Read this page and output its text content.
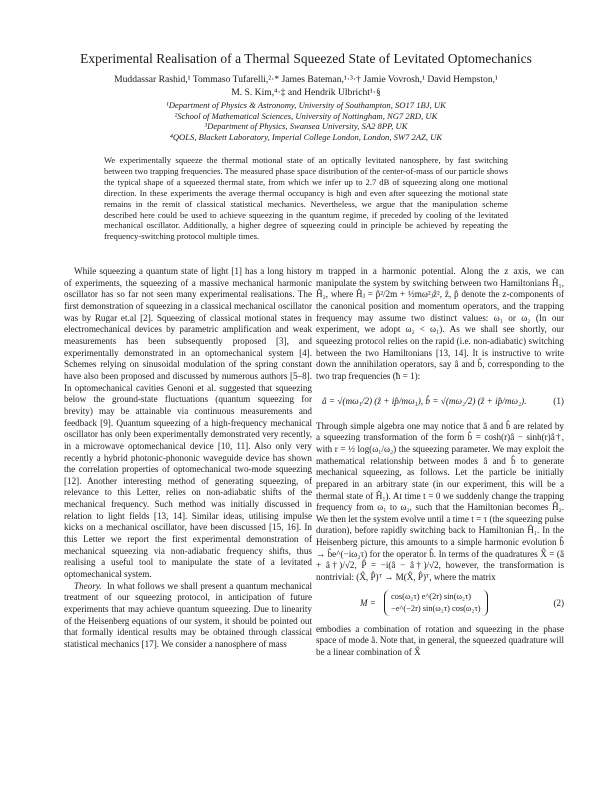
Experimental Realisation of a Thermal Squeezed State of Levitated Optomechanics
Muddassar Rashid,¹ Tommaso Tufarelli,²·* James Bateman,¹·³·† Jamie Vovrosh,¹ David Hempston,¹ M. S. Kim,⁴·‡ and Hendrik Ulbricht¹·§
¹Department of Physics & Astronomy, University of Southampton, SO17 1BJ, UK
²School of Mathematical Sciences, University of Nottingham, NG7 2RD, UK
³Department of Physics, Swansea University, SA2 8PP, UK
⁴QOLS, Blackett Laboratory, Imperial College London, London, SW7 2AZ, UK
We experimentally squeeze the thermal motional state of an optically levitated nanosphere, by fast switching between two trapping frequencies. The measured phase space distribution of the center-of-mass of our particle shows the typical shape of a squeezed thermal state, from which we infer up to 2.7 dB of squeezing along one motional direction. In these experiments the average thermal occupancy is high and even after squeezing the motional state remains in the remit of classical statistical mechanics. Nevertheless, we argue that the manipulation scheme described here could be used to achieve squeezing in the quantum regime, if preceded by cooling of the levitated mechanical oscillator. Additionally, a higher degree of squeezing could in principle be achieved by repeating the frequency-switching protocol multiple times.

While squeezing a quantum state of light [1] has a long history of experiments, the squeezing of a massive mechanical harmonic oscillator has so far not seen many experimental realisations. The first demonstration of squeezing in a classical mechanical oscillator was by Rugar et.al [2]. Squeezing of classical motional states in electromechanical devices by parametric amplification and weak measurements has been subsequently proposed [3], and experimentally demonstrated in an optomechanical system [4]. Schemes relying on sinusoidal modulation of the spring constant have also been proposed and discussed by numerous authors [5–8]. In optomechanical cavities Genoni et al. suggested that squeezing below the ground-state fluctuations (quantum squeezing for brevity) may be attainable via continuous measurements and feedback [9]. Quantum squeezing of a high-frequency mechanical oscillator has only been experimentally demonstrated very recently, in a microwave optomechanical device [10, 11]. Also only very recently a hybrid photonic-phononic waveguide device has shown the correlation properties of optomechanical two-mode squeezing [12]. Another interesting method of generating squeezing, of relevance to this Letter, relies on non-adiabatic shifts of the mechanical frequency. Such method was initially discussed in relation to light fields [13, 14]. Similar ideas, utilising impulse kicks on a mechanical oscillator, have been discussed [15, 16]. In this Letter we report the first experimental demonstration of mechanical squeezing via non-adiabatic frequency shifts, thus realising a useful tool to manipulate the state of a levitated optomechanical system.

Theory. In what follows we shall present a quantum mechanical treatment of our squeezing protocol, in anticipation of future experiments that may achieve quantum squeezing. Due to linearity of the Heisenberg equations of our system, it should be pointed out that formally identical results may be obtained through classical statistical mechanics [17]. We consider a nanosphere of mass

m trapped in a harmonic potential. Along the z axis, we can manipulate the system by switching between two Hamiltonians Ĥ₁, Ĥ₂, where Ĥⱼ = p̂²/2m + ½mω²ⱼẑ², ẑ, p̂ denote the z-components of the canonical position and momentum operators, and the trapping frequency may assume two distinct values: ω₁ or ω₂ (In our experiment, we adopt ω₂ < ω₁). As we shall see shortly, our squeezing protocol relies on the rapid (i.e. non-adiabatic) switching between the two Hamiltonians [13, 14]. It is instructive to write down the annihilation operators, say â and b̂, corresponding to the two trap frequencies (ħ = 1):

â = √(mω₁/2) (ẑ + ip̂/mω₁), b̂ = √(mω₂/2) (ẑ + ip̂/mω₂).	(1)

Through simple algebra one may notice that â and b̂ are related by a squeezing transformation of the form b̂ = cosh(r)â − sinh(r)â†, with r = ½ log(ω₁/ω₂) the squeezing parameter. We may exploit the mathematical relationship between modes â and b̂ to generate mechanical squeezing, as follows. Let the particle be initially prepared in an arbitrary state (in our experiment, this will be a thermal state of Ĥ₁). At time t = 0 we suddenly change the trapping frequency from ω₁ to ω₂, such that the Hamiltonian becomes Ĥ₂. We then let the system evolve until a time t = τ (the squeezing pulse duration), before rapidly switching back to Hamiltonian Ĥ₁. In the Heisenberg picture, this amounts to a simple harmonic evolution b̂ → b̂e^(−iω₂τ) for the operator b̂. In terms of the quadratures X̂ = (â + â†)/√2, P̂ = −i(â − â†)/√2, however, the transformation is nontrivial: (X̂, P̂)ᵀ → M(X̂, P̂)ᵀ, where the matrix

M =
cos(ω₂τ) e^(2r) sin(ω₂τ)
−e^(−2r) sin(ω₂τ) cos(ω₂τ)
(2)

embodies a combination of rotation and squeezing in the phase space of mode â. Note that, in general, the squeezed quadrature will be a linear combination of X̂
